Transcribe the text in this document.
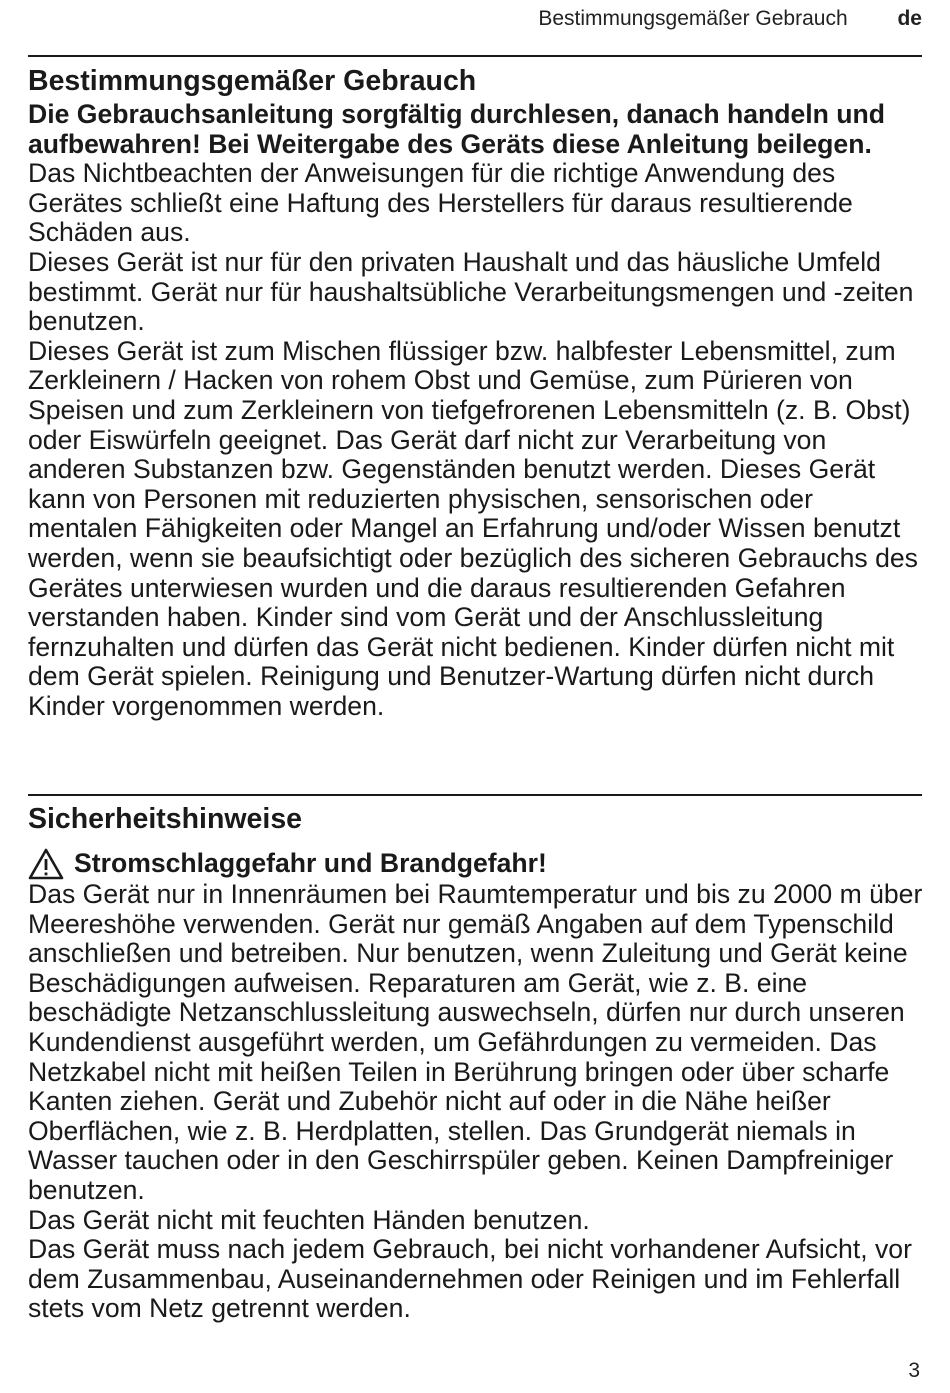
Bestimmungsgemäßer Gebrauch de
Bestimmungsgemäßer Gebrauch

Die Gebrauchsanleitung sorgfältig durchlesen, danach handeln und aufbewahren! Bei Weitergabe des Geräts diese Anleitung beilegen.

Das Nichtbeachten der Anweisungen für die richtige Anwendung des Gerätes schließt eine Haftung des Herstellers für daraus resultierende Schäden aus.

Dieses Gerät ist nur für den privaten Haushalt und das häusliche Umfeld bestimmt. Gerät nur für haushaltsübliche Verarbeitungsmengen und -zeiten benutzen.

Dieses Gerät ist zum Mischen flüssiger bzw. halbfester Lebensmittel, zum Zerkleinern / Hacken von rohem Obst und Gemüse, zum Pürieren von Speisen und zum Zerkleinern von tiefgefrorenen Lebensmitteln (z. B. Obst) oder Eiswürfeln geeignet. Das Gerät darf nicht zur Verarbeitung von anderen Substanzen bzw. Gegenständen benutzt werden. Dieses Gerät kann von Personen mit reduzierten physischen, sensorischen oder mentalen Fähigkeiten oder Mangel an Erfahrung und/oder Wissen benutzt werden, wenn sie beaufsichtigt oder bezüglich des sicheren Gebrauchs des Gerätes unterwiesen wurden und die daraus resultierenden Gefahren verstanden haben. Kinder sind vom Gerät und der Anschlussleitung fernzuhalten und dürfen das Gerät nicht bedienen. Kinder dürfen nicht mit dem Gerät spielen. Reinigung und Benutzer-Wartung dürfen nicht durch Kinder vorgenommen werden.

Sicherheitshinweise
Stromschlaggefahr und Brandgefahr!

Das Gerät nur in Innenräumen bei Raumtemperatur und bis zu 2000 m über Meereshöhe verwenden. Gerät nur gemäß Angaben auf dem Typenschild anschließen und betreiben. Nur benutzen, wenn Zuleitung und Gerät keine Beschädigungen aufweisen. Reparaturen am Gerät, wie z. B. eine beschädigte Netzanschlussleitung auswechseln, dürfen nur durch unseren Kundendienst ausgeführt werden, um Gefährdungen zu vermeiden. Das Netzkabel nicht mit heißen Teilen in Berührung bringen oder über scharfe Kanten ziehen. Gerät und Zubehör nicht auf oder in die Nähe heißer Oberflächen, wie z. B. Herdplatten, stellen. Das Grundgerät niemals in Wasser tauchen oder in den Geschirrspüler geben. Keinen Dampfreiniger benutzen.

Das Gerät nicht mit feuchten Händen benutzen.

Das Gerät muss nach jedem Gebrauch, bei nicht vorhandener Aufsicht, vor dem Zusammenbau, Auseinandernehmen oder Reinigen und im Fehlerfall stets vom Netz getrennt werden.

3
